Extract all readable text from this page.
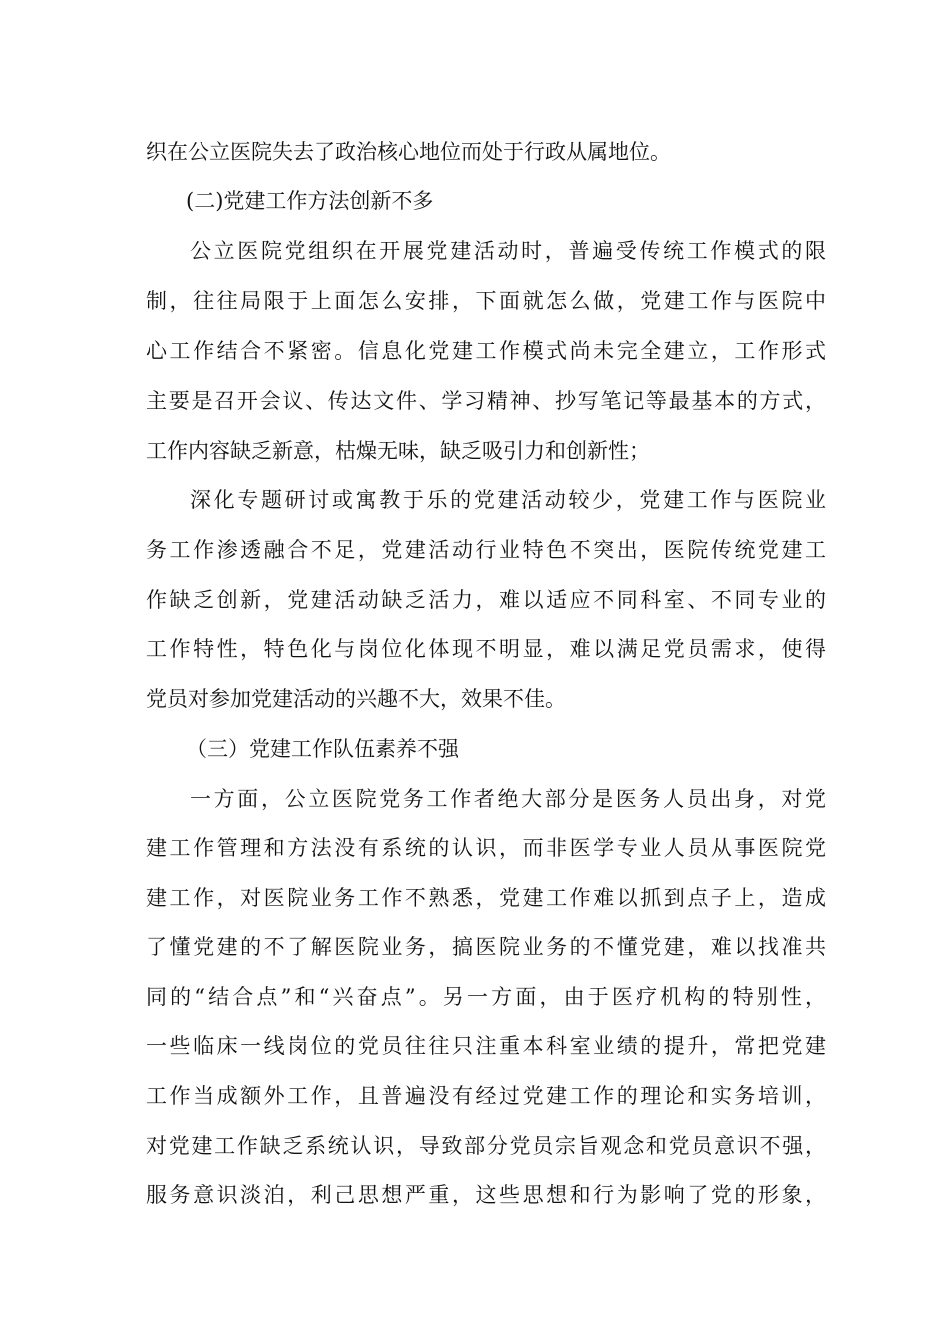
织在公立医院失去了政治核心地位而处于行政从属地位。
(二)党建工作方法创新不多
公立医院党组织在开展党建活动时，普遍受传统工作模式的限
制，往往局限于上面怎么安排，下面就怎么做，党建工作与医院中
心工作结合不紧密。信息化党建工作模式尚未完全建立，工作形式
主要是召开会议、传达文件、学习精神、抄写笔记等最基本的方式，
工作内容缺乏新意，枯燥无味，缺乏吸引力和创新性；
深化专题研讨或寓教于乐的党建活动较少，党建工作与医院业
务工作渗透融合不足，党建活动行业特色不突出，医院传统党建工
作缺乏创新，党建活动缺乏活力，难以适应不同科室、不同专业的
工作特性，特色化与岗位化体现不明显，难以满足党员需求，使得
党员对参加党建活动的兴趣不大，效果不佳。
（三）党建工作队伍素养不强
一方面，公立医院党务工作者绝大部分是医务人员出身，对党
建工作管理和方法没有系统的认识，而非医学专业人员从事医院党
建工作，对医院业务工作不熟悉，党建工作难以抓到点子上，造成
了懂党建的不了解医院业务，搞医院业务的不懂党建，难以找准共
同的“结合点”和“兴奋点”。另一方面，由于医疗机构的特别性，
一些临床一线岗位的党员往往只注重本科室业绩的提升，常把党建
工作当成额外工作，且普遍没有经过党建工作的理论和实务培训，
对党建工作缺乏系统认识，导致部分党员宗旨观念和党员意识不强，
服务意识淡泊，利己思想严重，这些思想和行为影响了党的形象，
